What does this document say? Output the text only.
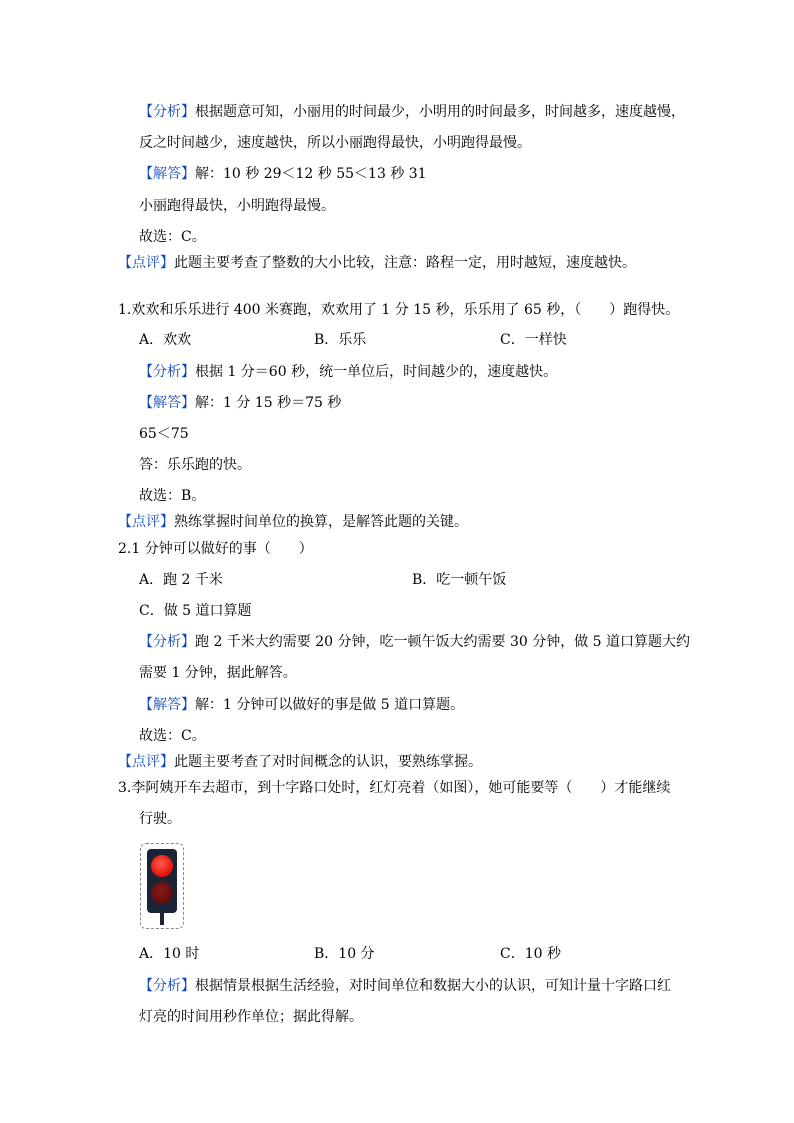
【分析】根据题意可知，小丽用的时间最少，小明用的时间最多，时间越多，速度越慢，
反之时间越少，速度越快，所以小丽跑得最快，小明跑得最慢。
【解答】解：10 秒 29＜12 秒 55＜13 秒 31
小丽跑得最快，小明跑得最慢。
故选：C。
【点评】此题主要考查了整数的大小比较，注意：路程一定，用时越短，速度越快。
1.欢欢和乐乐进行 400 米赛跑，欢欢用了 1 分 15 秒，乐乐用了 65 秒，（　　）跑得快。
A．欢欢	B．乐乐	C．一样快
【分析】根据 1 分＝60 秒，统一单位后，时间越少的，速度越快。
【解答】解：1 分 15 秒＝75 秒
65＜75
答：乐乐跑的快。
故选：B。
【点评】熟练掌握时间单位的换算，是解答此题的关键。
2.1 分钟可以做好的事（　　）
A．跑 2 千米	B．吃一顿午饭
C．做 5 道口算题
【分析】跑 2 千米大约需要 20 分钟，吃一顿午饭大约需要 30 分钟，做 5 道口算题大约
需要 1 分钟，据此解答。
【解答】解：1 分钟可以做好的事是做 5 道口算题。
故选：C。
【点评】此题主要考查了对时间概念的认识，要熟练掌握。
3.李阿姨开车去超市，到十字路口处时，红灯亮着（如图），她可能要等（　　）才能继续
行驶。
A．10 时	B．10 分	C．10 秒
【分析】根据情景根据生活经验，对时间单位和数据大小的认识，可知计量十字路口红
灯亮的时间用秒作单位；据此得解。
